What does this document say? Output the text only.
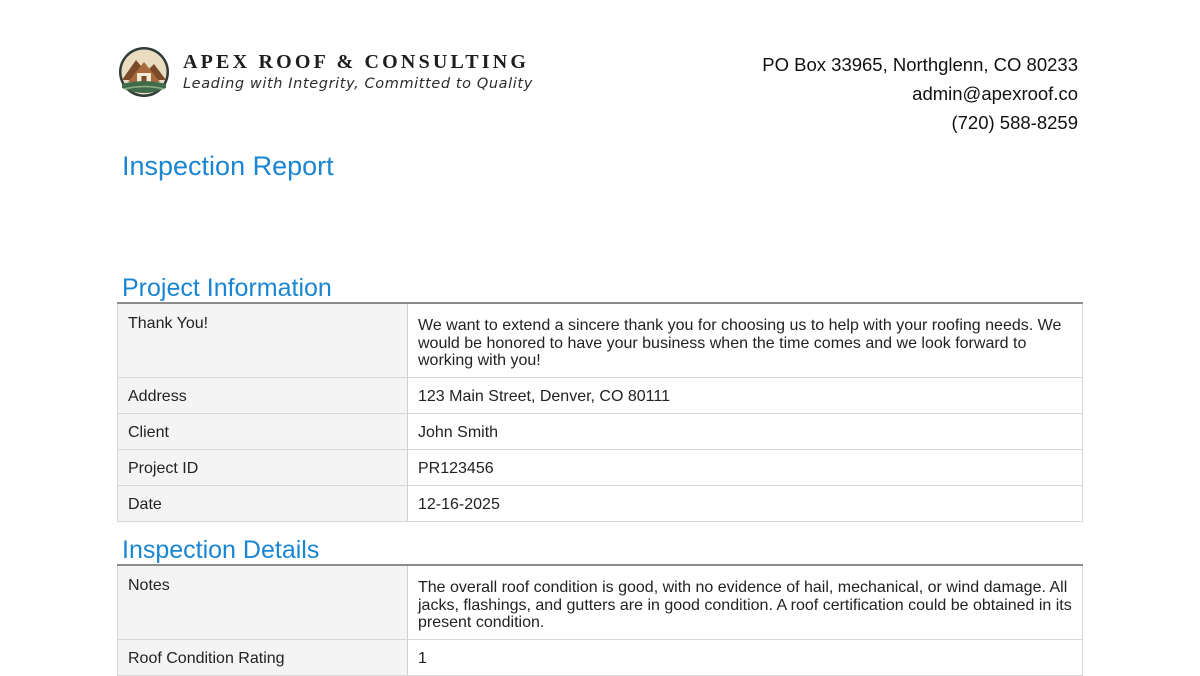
APEX ROOF & CONSULTING
Leading with Integrity, Committed to Quality
PO Box 33965, Northglenn, CO 80233
admin@apexroof.co
(720) 588-8259
Inspection Report
Project Information
Thank You!	We want to extend a sincere thank you for choosing us to help with your roofing needs. We would be honored to have your business when the time comes and we look forward to working with you!
Address	123 Main Street, Denver, CO 80111
Client	John Smith
Project ID	PR123456
Date	12-16-2025
Inspection Details
Notes	The overall roof condition is good, with no evidence of hail, mechanical, or wind damage. All jacks, flashings, and gutters are in good condition. A roof certification could be obtained in its present condition.
Roof Condition Rating	1
